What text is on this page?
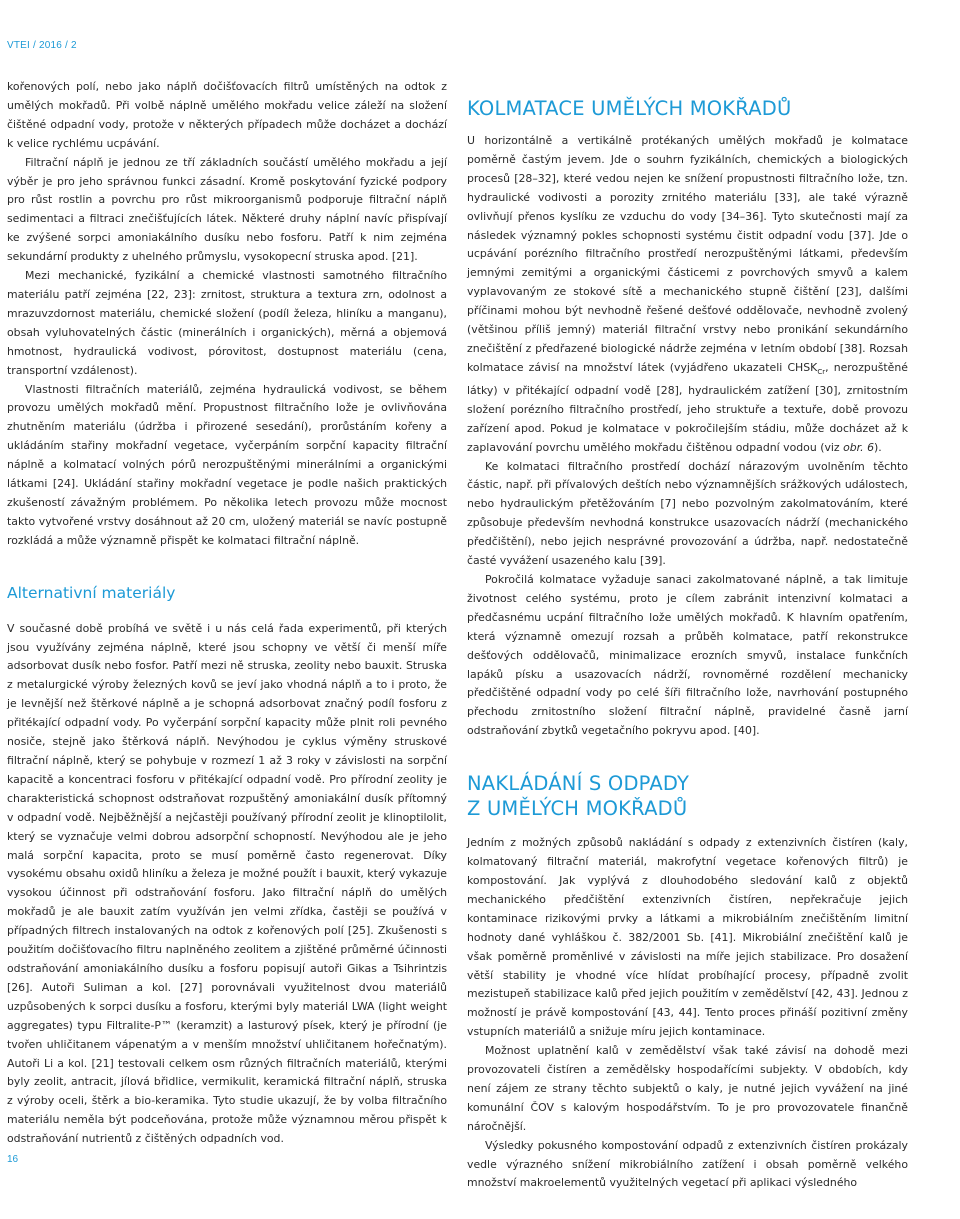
VTEI / 2016 / 2

kořenových polí, nebo jako náplň dočišťovacích filtrů umístěných na odtok z umělých mokřadů. Při volbě náplně umělého mokřadu velice záleží na složení čištěné odpadní vody, protože v některých případech může docházet a dochází k velice rychlému ucpávání.

Filtrační náplň je jednou ze tří základních součástí umělého mokřadu a její výběr je pro jeho správnou funkci zásadní. Kromě poskytování fyzické podpory pro růst rostlin a povrchu pro růst mikroorganismů podporuje filtrační náplň sedimentaci a filtraci znečišťujících látek. Některé druhy náplní navíc přispívají ke zvýšené sorpci amoniakálního dusíku nebo fosforu. Patří k nim zejména sekundární produkty z uhelného průmyslu, vysokopecní struska apod. [21].

Mezi mechanické, fyzikální a chemické vlastnosti samotného filtračního materiálu patří zejména [22, 23]: zrnitost, struktura a textura zrn, odolnost a mrazuvzdornost materiálu, chemické složení (podíl železa, hliníku a manganu), obsah vyluhovatelných částic (minerálních i organických), měrná a objemová hmotnost, hydraulická vodivost, pórovitost, dostupnost materiálu (cena, transportní vzdálenost).

Vlastnosti filtračních materiálů, zejména hydraulická vodivost, se během provozu umělých mokřadů mění. Propustnost filtračního lože je ovlivňována zhutněním materiálu (údržba i přirozené sesedání), prorůstáním kořeny a ukládáním stařiny mokřadní vegetace, vyčerpáním sorpční kapacity filtrační náplně a kolmatací volných pórů nerozpuštěnými minerálními a organickými látkami [24]. Ukládání stařiny mokřadní vegetace je podle našich praktických zkušeností závažným problémem. Po několika letech provozu může mocnost takto vytvořené vrstvy dosáhnout až 20 cm, uložený materiál se navíc postupně rozkládá a může významně přispět ke kolmataci filtrační náplně.

Alternativní materiály

V současné době probíhá ve světě i u nás celá řada experimentů, při kterých jsou využívány zejména náplně, které jsou schopny ve větší či menší míře adsorbovat dusík nebo fosfor. Patří mezi ně struska, zeolity nebo bauxit. Struska z metalurgické výroby železných kovů se jeví jako vhodná náplň a to i proto, že je levnější než štěrkové náplně a je schopná adsorbovat značný podíl fosforu z přitékající odpadní vody. Po vyčerpání sorpční kapacity může plnit roli pevného nosiče, stejně jako štěrková náplň. Nevýhodou je cyklus výměny struskové filtrační náplně, který se pohybuje v rozmezí 1 až 3 roky v závislosti na sorpční kapacitě a koncentraci fosforu v přitékající odpadní vodě. Pro přírodní zeolity je charakteristická schopnost odstraňovat rozpuštěný amoniakální dusík přítomný v odpadní vodě. Nejběžnější a nejčastěji používaný přírodní zeolit je klinoptilolit, který se vyznačuje velmi dobrou adsorpční schopností. Nevýhodou ale je jeho malá sorpční kapacita, proto se musí poměrně často regenerovat. Díky vysokému obsahu oxidů hliníku a železa je možné použít i bauxit, který vykazuje vysokou účinnost při odstraňování fosforu. Jako filtrační náplň do umělých mokřadů je ale bauxit zatím využíván jen velmi zřídka, častěji se používá v případných filtrech instalovaných na odtok z kořenových polí [25]. Zkušenosti s použitím dočišťovacího filtru naplněného zeolitem a zjištěné průměrné účinnosti odstraňování amoniakálního dusíku a fosforu popisují autoři Gikas a Tsihrintzis [26]. Autoři Suliman a kol. [27] porovnávali využitelnost dvou materiálů uzpůsobených k sorpci dusíku a fosforu, kterými byly materiál LWA (light weight aggregates) typu Filtralite-P™ (keramzit) a lasturový písek, který je přírodní (je tvořen uhličitanem vápenatým a v menším množství uhličitanem hořečnatým). Autoři Li a kol. [21] testovali celkem osm různých filtračních materiálů, kterými byly zeolit, antracit, jílová břidlice, vermikulit, keramická filtrační náplň, struska z výroby oceli, štěrk a bio-keramika. Tyto studie ukazují, že by volba filtračního materiálu neměla být podceňována, protože může významnou měrou přispět k odstraňování nutrientů z čištěných odpadních vod.

KOLMATACE UMĚLÝCH MOKŘADŮ

U horizontálně a vertikálně protékaných umělých mokřadů je kolmatace poměrně častým jevem. Jde o souhrn fyzikálních, chemických a biologických procesů [28–32], které vedou nejen ke snížení propustnosti filtračního lože, tzn. hydraulické vodivosti a porozity zrnitého materiálu [33], ale také výrazně ovlivňují přenos kyslíku ze vzduchu do vody [34–36]. Tyto skutečnosti mají za následek významný pokles schopnosti systému čistit odpadní vodu [37]. Jde o ucpávání porézního filtračního prostředí nerozpuštěnými látkami, především jemnými zemitými a organickými částicemi z povrchových smyvů a kalem vyplavovaným ze stokové sítě a mechanického stupně čištění [23], dalšími příčinami mohou být nevhodně řešené dešťové oddělovače, nevhodně zvolený (většinou příliš jemný) materiál filtrační vrstvy nebo pronikání sekundárního znečištění z předřazené biologické nádrže zejména v letním období [38]. Rozsah kolmatace závisí na množství látek (vyjádřeno ukazateli $CHSK_{Cr}$, nerozpuštěné látky) v přitékající odpadní vodě [28], hydraulickém zatížení [30], zrnitostním složení porézního filtračního prostředí, jeho struktuře a textuře, době provozu zařízení apod. Pokud je kolmatace v pokročilejším stádiu, může docházet až k zaplavování povrchu umělého mokřadu čištěnou odpadní vodou (viz obr. 6).

Ke kolmataci filtračního prostředí dochází nárazovým uvolněním těchto částic, např. při přívalových deštích nebo významnějších srážkových událostech, nebo hydraulickým přetěžováním [7] nebo pozvolným zakolmatováním, které způsobuje především nevhodná konstrukce usazovacích nádrží (mechanického předčištění), nebo jejich nesprávné provozování a údržba, např. nedostatečně časté vyvážení usazeného kalu [39].

Pokročilá kolmatace vyžaduje sanaci zakolmatované náplně, a tak limituje životnost celého systému, proto je cílem zabránit intenzivní kolmataci a předčasnému ucpání filtračního lože umělých mokřadů. K hlavním opatřením, která významně omezují rozsah a průběh kolmatace, patří rekonstrukce dešťových oddělovačů, minimalizace erozních smyvů, instalace funkčních lapáků písku a usazovacích nádrží, rovnoměrné rozdělení mechanicky předčištěné odpadní vody po celé šíři filtračního lože, navrhování postupného přechodu zrnitostního složení filtrační náplně, pravidelné časně jarní odstraňování zbytků vegetačního pokryvu apod. [40].

NAKLÁDÁNÍ S ODPADY
Z UMĚLÝCH MOKŘADŮ

Jedním z možných způsobů nakládání s odpady z extenzivních čistíren (kaly, kolmatovaný filtrační materiál, makrofytní vegetace kořenových filtrů) je kompostování. Jak vyplývá z dlouhodobého sledování kalů z objektů mechanického předčištění extenzivních čistíren, nepřekračuje jejich kontaminace rizikovými prvky a látkami a mikrobiálním znečištěním limitní hodnoty dané vyhláškou č. 382/2001 Sb. [41]. Mikrobiální znečištění kalů je však poměrně proměnlivé v závislosti na míře jejich stabilizace. Pro dosažení větší stability je vhodné více hlídat probíhající procesy, případně zvolit mezistupeň stabilizace kalů před jejich použitím v zemědělství [42, 43]. Jednou z možností je právě kompostování [43, 44]. Tento proces přináší pozitivní změny vstupních materiálů a snižuje míru jejich kontaminace.

Možnost uplatnění kalů v zemědělství však také závisí na dohodě mezi provozovateli čistíren a zemědělsky hospodařícími subjekty. V obdobích, kdy není zájem ze strany těchto subjektů o kaly, je nutné jejich vyvážení na jiné komunální ČOV s kalovým hospodářstvím. To je pro provozovatele finančně náročnější.

Výsledky pokusného kompostování odpadů z extenzivních čistíren prokázaly vedle výrazného snížení mikrobiálního zatížení i obsah poměrně velkého množství makroelementů využitelných vegetací při aplikaci výsledného

16
